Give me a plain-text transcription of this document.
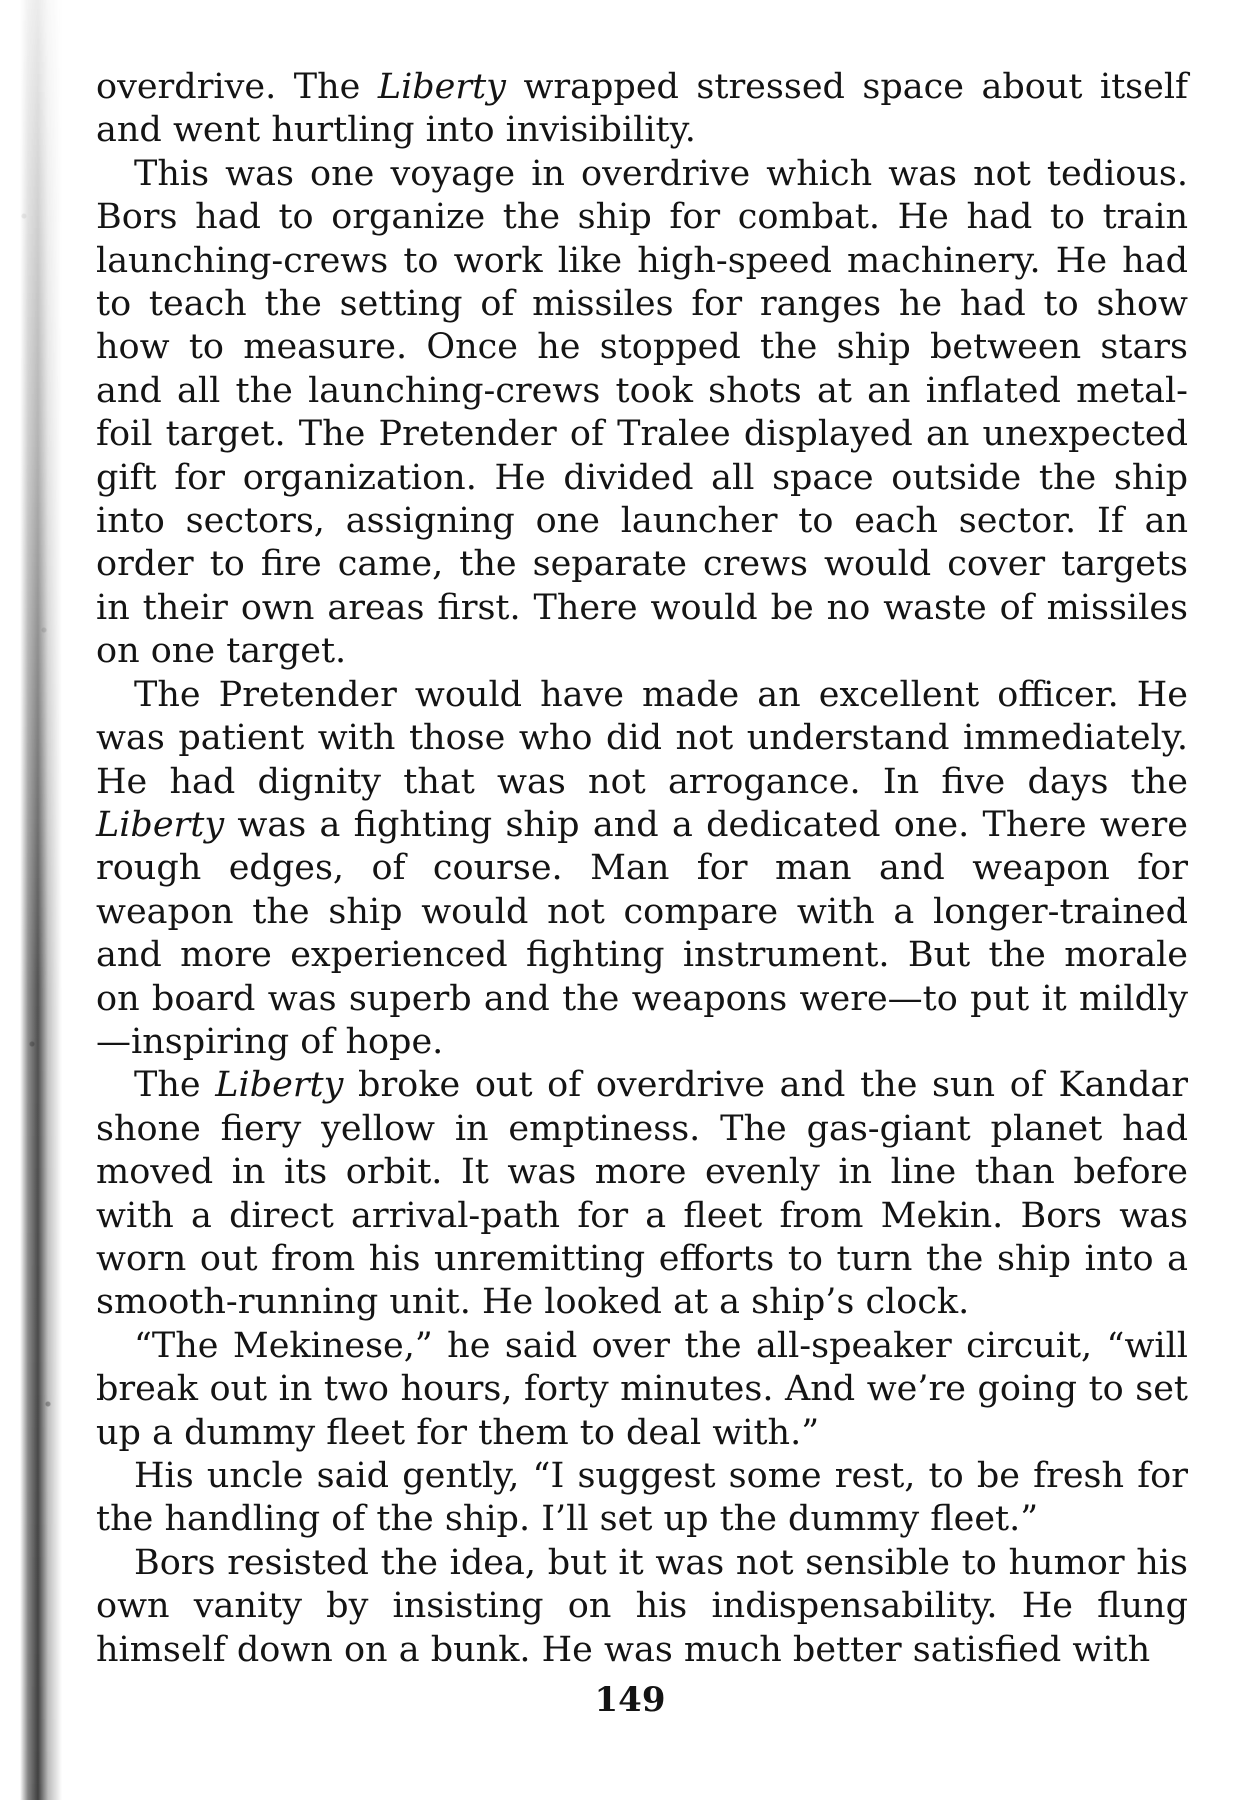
overdrive. The Liberty wrapped stressed space about itself and went hurtling into invisibility.

This was one voyage in overdrive which was not tedious. Bors had to organize the ship for combat. He had to train launching-crews to work like high-speed machinery. He had to teach the setting of missiles for ranges he had to show how to measure. Once he stopped the ship between stars and all the launching-crews took shots at an inflated metal-foil target. The Pretender of Tralee displayed an unexpected gift for organization. He divided all space outside the ship into sectors, assigning one launcher to each sector. If an order to fire came, the separate crews would cover targets in their own areas first. There would be no waste of missiles on one target.

The Pretender would have made an excellent officer. He was patient with those who did not understand immediately. He had dignity that was not arrogance. In five days the Liberty was a fighting ship and a dedicated one. There were rough edges, of course. Man for man and weapon for weapon the ship would not compare with a longer-trained and more experienced fighting instrument. But the morale on board was superb and the weapons were—to put it mildly—inspiring of hope.

The Liberty broke out of overdrive and the sun of Kandar shone fiery yellow in emptiness. The gas-giant planet had moved in its orbit. It was more evenly in line than before with a direct arrival-path for a fleet from Mekin. Bors was worn out from his unremitting efforts to turn the ship into a smooth-running unit. He looked at a ship’s clock.

“The Mekinese,” he said over the all-speaker circuit, “will break out in two hours, forty minutes. And we’re going to set up a dummy fleet for them to deal with.”

His uncle said gently, “I suggest some rest, to be fresh for the handling of the ship. I’ll set up the dummy fleet.”

Bors resisted the idea, but it was not sensible to humor his own vanity by insisting on his indispensability. He flung himself down on a bunk. He was much better satisfied with

149
